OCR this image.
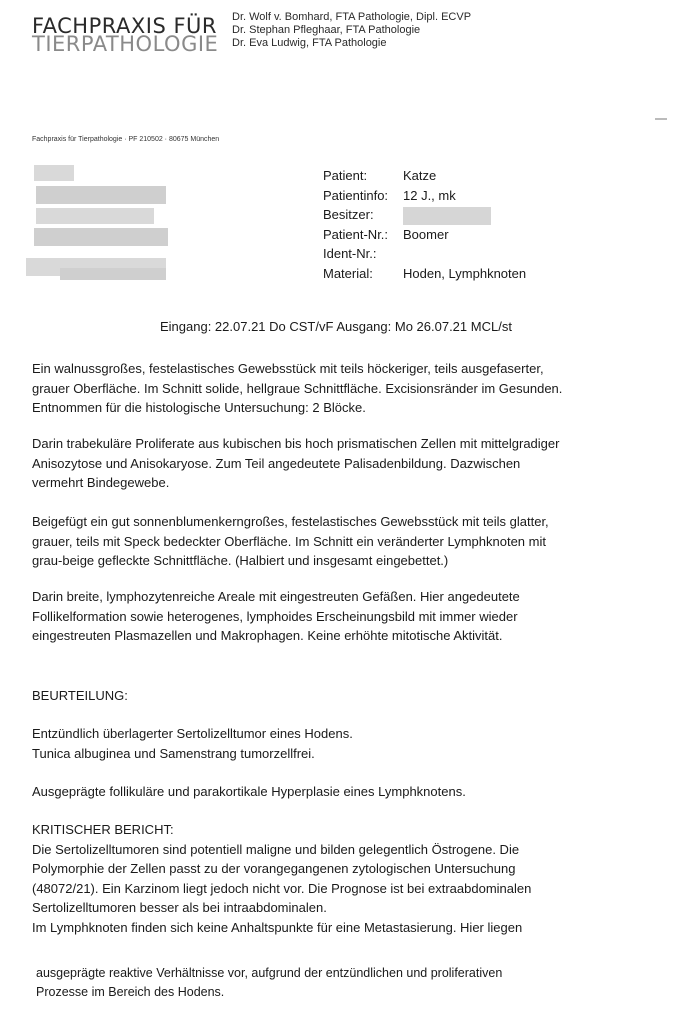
FACHPRAXIS FÜR
TIERPATHOLOGIE
Dr. Wolf v. Bomhard, FTA Pathologie, Dipl. ECVP
Dr. Stephan Pfleghaar, FTA Pathologie
Dr. Eva Ludwig, FTA Pathologie
Fachpraxis für Tierpathologie · PF 210502 · 80675 München
Patient:	Katze
Patientinfo:	12 J., mk
Besitzer:
Patient-Nr.:	Boomer
Ident-Nr.:
Material:	Hoden, Lymphknoten
Eingang: 22.07.21 Do CST/vF Ausgang: Mo 26.07.21 MCL/st
Ein walnussgroßes, festelastisches Gewebsstück mit teils höckeriger, teils ausgefaserter,
grauer Oberfläche. Im Schnitt solide, hellgraue Schnittfläche. Excisionsränder im Gesunden.
Entnommen für die histologische Untersuchung: 2 Blöcke.
Darin trabekuläre Proliferate aus kubischen bis hoch prismatischen Zellen mit mittelgradiger
Anisozytose und Anisokaryose. Zum Teil angedeutete Palisadenbildung. Dazwischen
vermehrt Bindegewebe.
Beigefügt ein gut sonnenblumenkerngroßes, festelastisches Gewebsstück mit teils glatter,
grauer, teils mit Speck bedeckter Oberfläche. Im Schnitt ein veränderter Lymphknoten mit
grau-beige gefleckte Schnittfläche. (Halbiert und insgesamt eingebettet.)
Darin breite, lymphozytenreiche Areale mit eingestreuten Gefäßen. Hier angedeutete
Follikelformation sowie heterogenes, lymphoides Erscheinungsbild mit immer wieder
eingestreuten Plasmazellen und Makrophagen. Keine erhöhte mitotische Aktivität.
BEURTEILUNG:
Entzündlich überlagerter Sertolizelltumor eines Hodens.
Tunica albuginea und Samenstrang tumorzellfrei.
Ausgeprägte follikuläre und parakortikale Hyperplasie eines Lymphknotens.
KRITISCHER BERICHT:
Die Sertolizelltumoren sind potentiell maligne und bilden gelegentlich Östrogene. Die
Polymorphie der Zellen passt zu der vorangegangenen zytologischen Untersuchung
(48072/21). Ein Karzinom liegt jedoch nicht vor. Die Prognose ist bei extraabdominalen
Sertolizelltumoren besser als bei intraabdominalen.
Im Lymphknoten finden sich keine Anhaltspunkte für eine Metastasierung. Hier liegen
ausgeprägte reaktive Verhältnisse vor, aufgrund der entzündlichen und proliferativen
Prozesse im Bereich des Hodens.
